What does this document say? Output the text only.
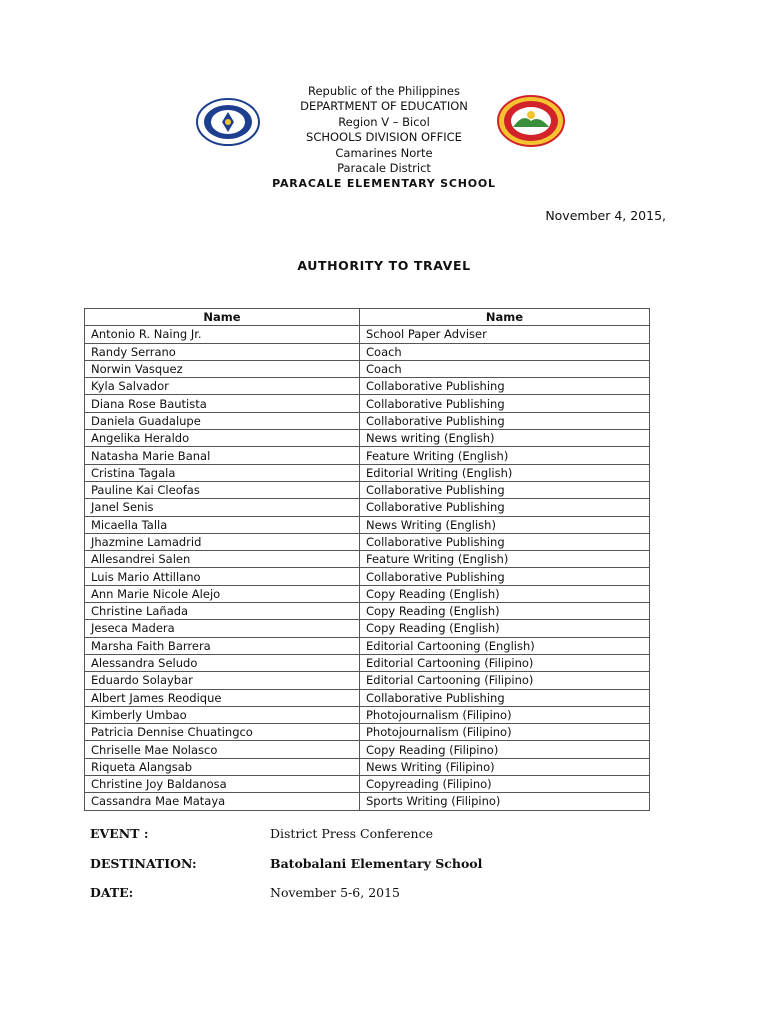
Republic of the Philippines
DEPARTMENT OF EDUCATION
Region V – Bicol
SCHOOLS DIVISION OFFICE
Camarines Norte
Paracale District
PARACALE ELEMENTARY SCHOOL
November 4, 2015,
AUTHORITY TO TRAVEL
Name	Name
Antonio R. Naing Jr.	School Paper Adviser
Randy Serrano	Coach
Norwin Vasquez	Coach
Kyla Salvador	Collaborative Publishing
Diana Rose Bautista	Collaborative Publishing
Daniela Guadalupe	Collaborative Publishing
Angelika Heraldo	News writing (English)
Natasha Marie Banal	Feature Writing (English)
Cristina Tagala	Editorial Writing (English)
Pauline Kai Cleofas	Collaborative Publishing
Janel Senis	Collaborative Publishing
Micaella Talla	News Writing (English)
Jhazmine Lamadrid	Collaborative Publishing
Allesandrei Salen	Feature Writing (English)
Luis Mario Attillano	Collaborative Publishing
Ann Marie Nicole Alejo	Copy Reading (English)
Christine Lañada	Copy Reading (English)
Jeseca Madera	Copy Reading (English)
Marsha Faith Barrera	Editorial Cartooning (English)
Alessandra Seludo	Editorial Cartooning (Filipino)
Eduardo Solaybar	Editorial Cartooning (Filipino)
Albert James Reodique	Collaborative Publishing
Kimberly Umbao	Photojournalism (Filipino)
Patricia Dennise Chuatingco	Photojournalism (Filipino)
Chriselle Mae Nolasco	Copy Reading (Filipino)
Riqueta Alangsab	News Writing (Filipino)
Christine Joy Baldanosa	Copyreading (Filipino)
Cassandra Mae Mataya	Sports Writing (Filipino)
EVENT :	District Press Conference
DESTINATION:	Batobalani Elementary School
DATE:	November 5-6, 2015
